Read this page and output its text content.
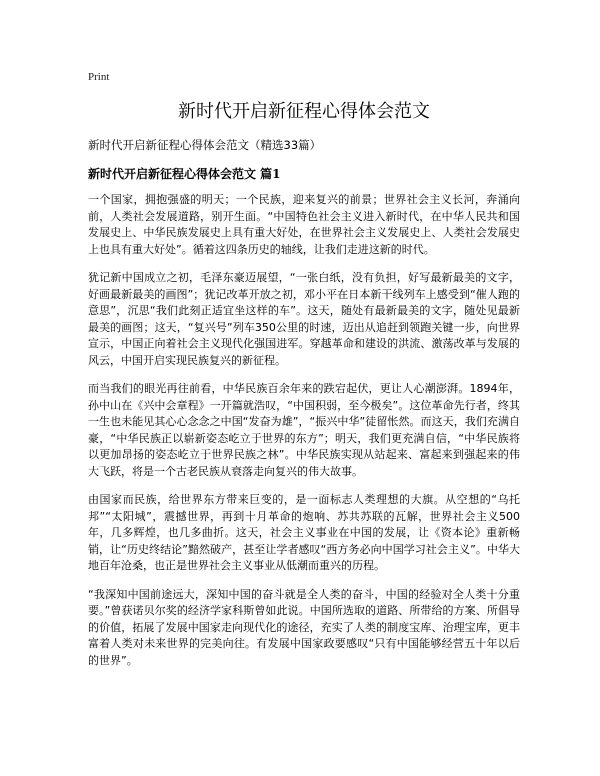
Print
新时代开启新征程心得体会范文

新时代开启新征程心得体会范文（精选33篇）

新时代开启新征程心得体会范文 篇1

一个国家，拥抱强盛的明天；一个民族，迎来复兴的前景；世界社会主义长河，奔涌向前，人类社会发展道路，别开生面。“中国特色社会主义进入新时代，在中华人民共和国发展史上、中华民族发展史上具有重大好处，在世界社会主义发展史上、人类社会发展史上也具有重大好处”。循着这四条历史的轴线，让我们走进这新的时代。

犹记新中国成立之初，毛泽东豪迈展望，“一张白纸，没有负担，好写最新最美的文字，好画最新最美的画图”；犹记改革开放之初，邓小平在日本新干线列车上感受到“催人跑的意思”，沉思“我们此刻正适宜坐这样的车”。这天，随处有最新最美的文字，随处见最新最美的画图；这天，“复兴号”列车350公里的时速，迈出从追赶到领跑关键一步，向世界宣示，中国正向着社会主义现代化强国进军。穿越革命和建设的洪流、激荡改革与发展的风云，中国开启实现民族复兴的新征程。

而当我们的眼光再往前看，中华民族百余年来的跌宕起伏，更让人心潮澎湃。1894年，孙中山在《兴中会章程》一开篇就浩叹，“中国积弱，至今极矣”。这位革命先行者，终其一生也未能见其心心念念之中国“发奋为雄”，“振兴中华”徒留怅然。而这天，我们充满自豪，“中华民族正以崭新姿态屹立于世界的东方”；明天，我们更充满自信，“中华民族将以更加昂扬的姿态屹立于世界民族之林”。中华民族实现从站起来、富起来到强起来的伟大飞跃，将是一个古老民族从衰落走向复兴的伟大故事。

由国家而民族，给世界东方带来巨变的，是一面标志人类理想的大旗。从空想的“乌托邦”“太阳城”，震撼世界，再到十月革命的炮响、苏共苏联的瓦解，世界社会主义500年，几多辉煌，也几多曲折。这天，社会主义事业在中国的发展，让《资本论》重新畅销，让“历史终结论”黯然破产，甚至让学者感叹“西方务必向中国学习社会主义”。中华大地百年沧桑，也正是世界社会主义事业从低潮而重兴的历程。

“我深知中国前途远大，深知中国的奋斗就是全人类的奋斗，中国的经验对全人类十分重要。”曾获诺贝尔奖的经济学家科斯曾如此说。中国所选取的道路、所带给的方案、所倡导的价值，拓展了发展中国家走向现代化的途径，充实了人类的制度宝库、治理宝库，更丰富着人类对未来世界的完美向往。有发展中国家政要感叹“只有中国能够经营五十年以后的世界”。
